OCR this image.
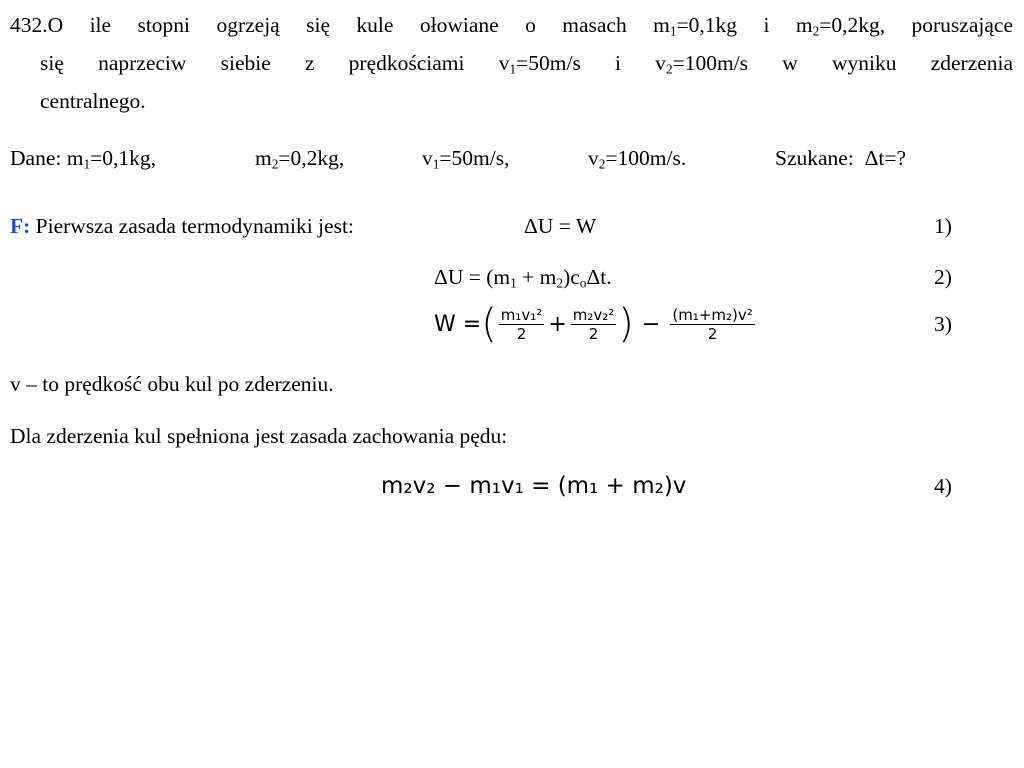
432.O ile stopni ogrzeją się kule ołowiane o masach $m_1=0,1kg$ i $m_2=0,2kg$, poruszające
się naprzeciw siebie z prędkościami $v_1=50m/s$ i $v_2=100m/s$ w wyniku zderzenia
centralnego.
Dane: $m_1=0,1kg$,	$m_2=0,2kg$,	$v_1=50m/s$,	$v_2=100m/s$.	Szukane: Δt=?
F: Pierwsza zasada termodynamiki jest:	ΔU = W	1)
$\Delta U = (m_1 + m_2)c_o\Delta t$.	2)
W = ( $\frac{\text{m₁v₁²}}{2} + \frac{\text{m₂v₂²}}{2}$ ) − $\frac{\text{(m₁+m₂)v²}}{2}$	3)
v – to prędkość obu kul po zderzeniu.
Dla zderzenia kul spełniona jest zasada zachowania pędu:
m₂v₂ − m₁v₁ = (m₁ + m₂)v	4)
